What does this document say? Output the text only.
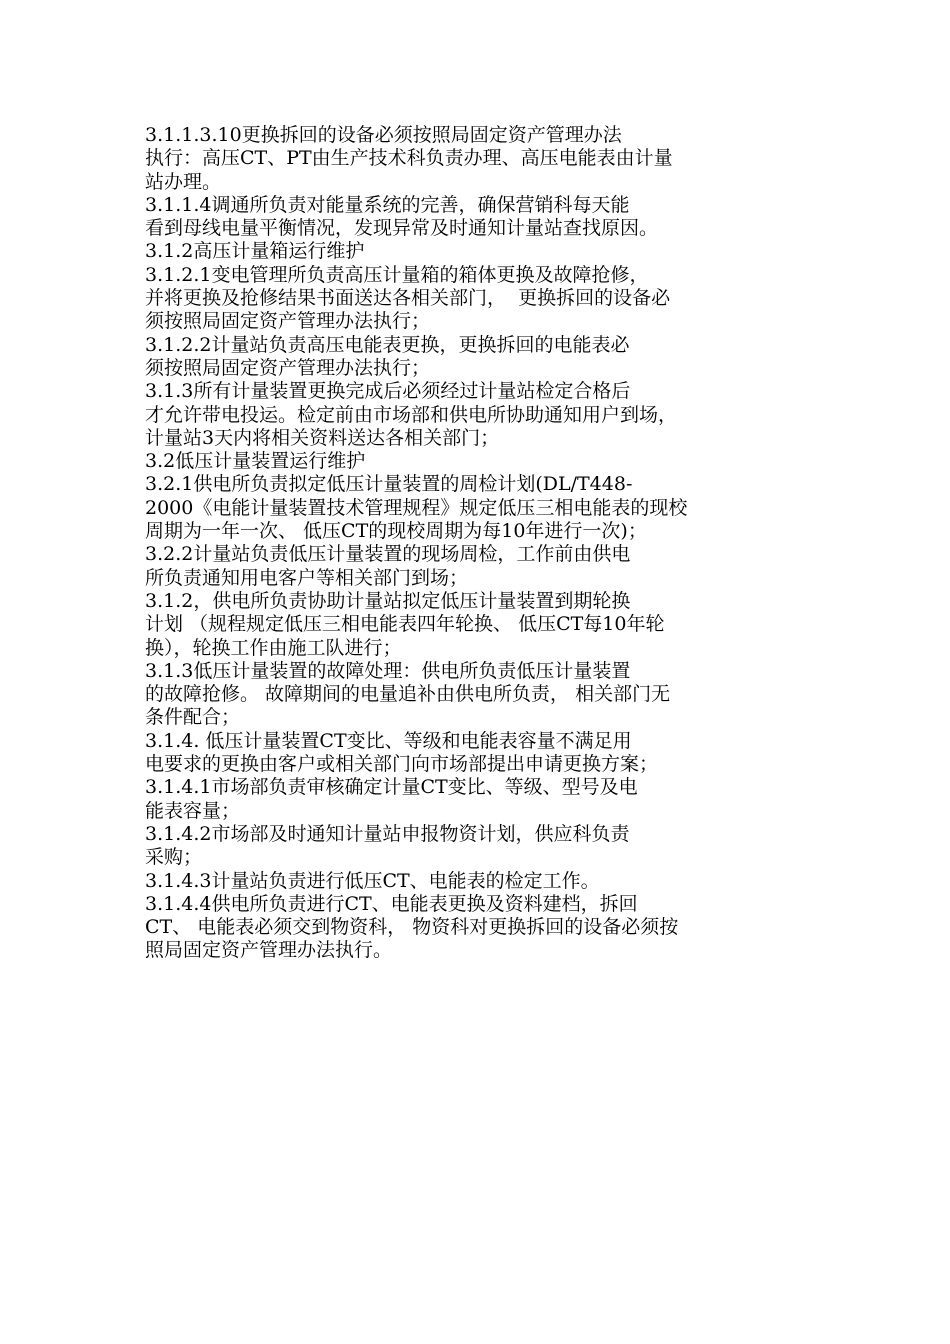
3.1.1.3.10更换拆回的设备必须按照局固定资产管理办法
执行：高压CT、PT由生产技术科负责办理、高压电能表由计量
站办理。
3.1.1.4调通所负责对能量系统的完善，确保营销科每天能
看到母线电量平衡情况，发现异常及时通知计量站查找原因。
3.1.2高压计量箱运行维护
3.1.2.1变电管理所负责高压计量箱的箱体更换及故障抢修，
并将更换及抢修结果书面送达各相关部门，  更换拆回的设备必
须按照局固定资产管理办法执行；
3.1.2.2计量站负责高压电能表更换，更换拆回的电能表必
须按照局固定资产管理办法执行；
3.1.3所有计量装置更换完成后必须经过计量站检定合格后
才允许带电投运。检定前由市场部和供电所协助通知用户到场，
计量站3天内将相关资料送达各相关部门；
3.2低压计量装置运行维护
3.2.1供电所负责拟定低压计量装置的周检计划(DL/T448-
2000《电能计量装置技术管理规程》规定低压三相电能表的现校
周期为一年一次、 低压CT的现校周期为每10年进行一次)；
3.2.2计量站负责低压计量装置的现场周检，工作前由供电
所负责通知用电客户等相关部门到场；
3.1.2，供电所负责协助计量站拟定低压计量装置到期轮换
计划 （规程规定低压三相电能表四年轮换、 低压CT每10年轮
换），轮换工作由施工队进行；
3.1.3低压计量装置的故障处理：供电所负责低压计量装置
的故障抢修。 故障期间的电量追补由供电所负责， 相关部门无
条件配合；
3.1.4. 低压计量装置CT变比、等级和电能表容量不满足用
电要求的更换由客户或相关部门向市场部提出申请更换方案；
3.1.4.1市场部负责审核确定计量CT变比、等级、型号及电
能表容量；
3.1.4.2市场部及时通知计量站申报物资计划，供应科负责
采购；
3.1.4.3计量站负责进行低压CT、电能表的检定工作。
3.1.4.4供电所负责进行CT、电能表更换及资料建档，拆回
CT、 电能表必须交到物资科， 物资科对更换拆回的设备必须按
照局固定资产管理办法执行。
